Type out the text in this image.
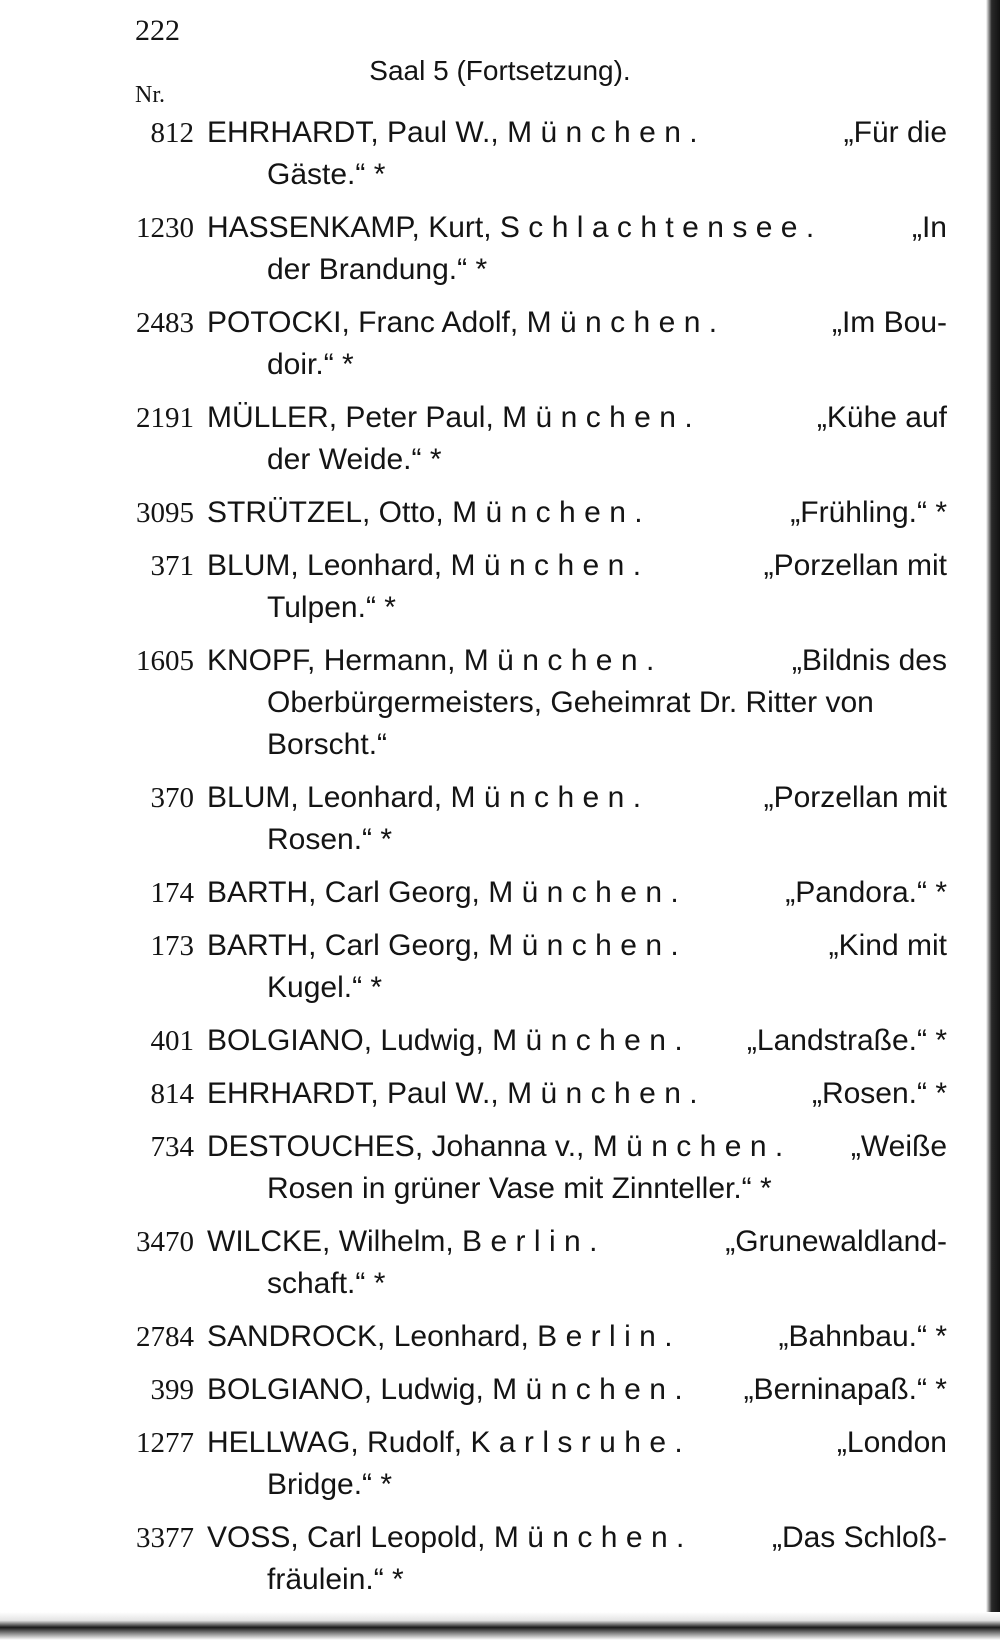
222
Saal 5 (Fortsetzung).
Nr.
812 EHRHARDT, Paul W., München.	„Für die
Gäste.“ *
1230 HASSENKAMP, Kurt, Schlachtensee.	„In
der Brandung.“ *
2483 POTOCKI, Franc Adolf, München.	„Im Bou-
doir.“ *
2191 MÜLLER, Peter Paul, München.	„Kühe auf
der Weide.“ *
3095 STRÜTZEL, Otto, München.	„Frühling.“ *
371 BLUM, Leonhard, München.	„Porzellan mit
Tulpen.“ *
1605 KNOPF, Hermann, München.	„Bildnis des
Oberbürgermeisters, Geheimrat Dr. Ritter von
Borscht.“
370 BLUM, Leonhard, München.	„Porzellan mit
Rosen.“ *
174 BARTH, Carl Georg, München.	„Pandora.“ *
173 BARTH, Carl Georg, München.	„Kind mit
Kugel.“ *
401 BOLGIANO, Ludwig, München. „Landstraße.“ *
814 EHRHARDT, Paul W., München.	„Rosen.“ *
734 DESTOUCHES, Johanna v., München. „Weiße
Rosen in grüner Vase mit Zinnteller.“ *
3470 WILCKE, Wilhelm, Berlin.	„Grunewaldland-
schaft.“ *
2784 SANDROCK, Leonhard, Berlin.	„Bahnbau.“ *
399 BOLGIANO, Ludwig, München. „Berninapaß.“ *
1277 HELLWAG, Rudolf, Karlsruhe.	„London
Bridge.“ *
3377 VOSS, Carl Leopold, München.	„Das Schloß-
fräulein.“ *
